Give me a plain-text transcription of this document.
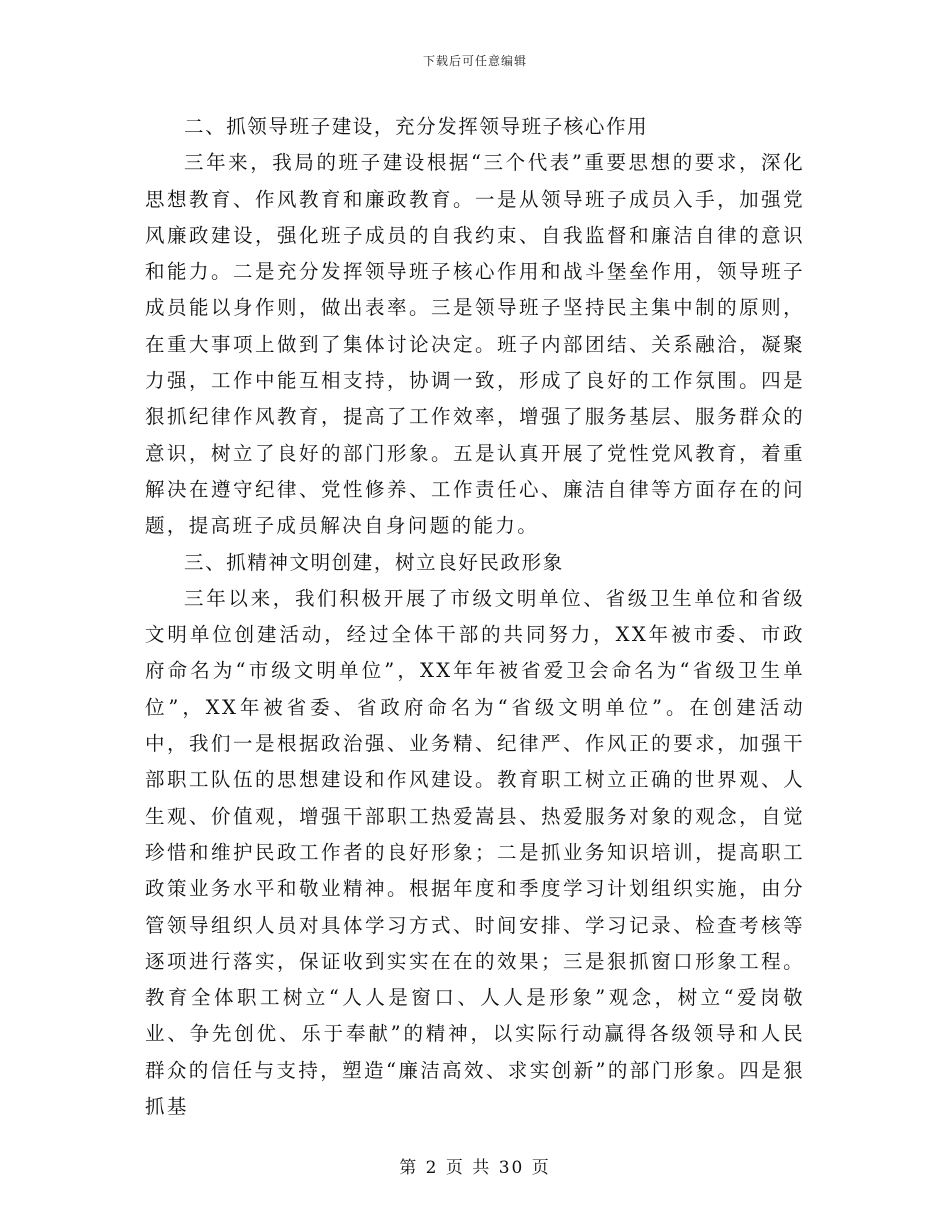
下载后可任意编辑

二、抓领导班子建设，充分发挥领导班子核心作用

三年来，我局的班子建设根据“三个代表”重要思想的要求，深化思想教育、作风教育和廉政教育。一是从领导班子成员入手，加强党风廉政建设，强化班子成员的自我约束、自我监督和廉洁自律的意识和能力。二是充分发挥领导班子核心作用和战斗堡垒作用，领导班子成员能以身作则，做出表率。三是领导班子坚持民主集中制的原则，在重大事项上做到了集体讨论决定。班子内部团结、关系融洽，凝聚力强，工作中能互相支持，协调一致，形成了良好的工作氛围。四是狠抓纪律作风教育，提高了工作效率，增强了服务基层、服务群众的意识，树立了良好的部门形象。五是认真开展了党性党风教育，着重解决在遵守纪律、党性修养、工作责任心、廉洁自律等方面存在的问题，提高班子成员解决自身问题的能力。

三、抓精神文明创建，树立良好民政形象

三年以来，我们积极开展了市级文明单位、省级卫生单位和省级文明单位创建活动，经过全体干部的共同努力，XX年被市委、市政府命名为“市级文明单位”，XX年年被省爱卫会命名为“省级卫生单位”，XX年被省委、省政府命名为“省级文明单位”。在创建活动中，我们一是根据政治强、业务精、纪律严、作风正的要求，加强干部职工队伍的思想建设和作风建设。教育职工树立正确的世界观、人生观、价值观，增强干部职工热爱嵩县、热爱服务对象的观念，自觉珍惜和维护民政工作者的良好形象；二是抓业务知识培训，提高职工政策业务水平和敬业精神。根据年度和季度学习计划组织实施，由分管领导组织人员对具体学习方式、时间安排、学习记录、检查考核等逐项进行落实，保证收到实实在在的效果；三是狠抓窗口形象工程。教育全体职工树立“人人是窗口、人人是形象”观念，树立“爱岗敬业、争先创优、乐于奉献”的精神，以实际行动赢得各级领导和人民群众的信任与支持，塑造“廉洁高效、求实创新”的部门形象。四是狠抓基

第 2 页 共 30 页
